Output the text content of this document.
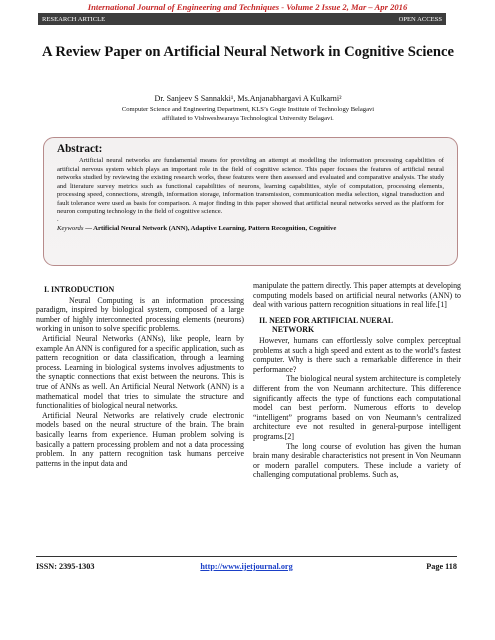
International Journal of Engineering and Techniques - Volume 2 Issue 2, Mar – Apr 2016
RESEARCH ARTICLE	OPEN ACCESS
A Review Paper on Artificial Neural Network in Cognitive Science
Dr. Sanjeev S Sannakki¹, Ms.Anjanabhargavi A Kulkarni²
Computer Science and Engineering Department, KLS’s Gogte Institute of Technology Belagavi
affiliated to Vishweshwaraya Technological University Belagavi.
Abstract:
Artificial neural networks are fundamental means for providing an attempt at modelling the information processing capabilities of artificial nervous system which plays an important role in the field of cognitive science. This paper focuses the features of artificial neural networks studied by reviewing the existing research works, these features were then assessed and evaluated and comparative analysis. The study and literature survey metrics such as functional capabilities of neurons, learning capabilities, style of computation, processing elements, processing speed, connections, strength, information storage, information transmission, communication media selection, signal transduction and fault tolerance were used as basis for comparison. A major finding in this paper showed that artificial neural networks served as the platform for neuron computing technology in the field of cognitive science.
.
Keywords — Artificial Neural Network (ANN), Adaptive Learning, Pattern Recognition, Cognitive
I. INTRODUCTION

Neural Computing is an information processing paradigm, inspired by biological system, composed of a large number of highly interconnected processing elements (neurons) working in unison to solve specific problems.

Artificial Neural Networks (ANNs), like people, learn by example An ANN is configured for a specific application, such as pattern recognition or data classification, through a learning process. Learning in biological systems involves adjustments to the synaptic connections that exist between the neurons. This is true of ANNs as well. An Artificial Neural Network (ANN) is a mathematical model that tries to simulate the structure and functionalities of biological neural networks.

Artificial Neural Networks are relatively crude electronic models based on the neural structure of the brain. The brain basically learns from experience. Human problem solving is basically a pattern processing problem and not a data processing problem. In any pattern recognition task humans perceive patterns in the input data and

manipulate the pattern directly. This paper attempts at developing computing models based on artificial neural networks (ANN) to deal with various pattern recognition situations in real life.[1]

II. NEED FOR ARTIFICIAL NUERAL
NETWORK

However, humans can effortlessly solve complex perceptual problems at such a high speed and extent as to the world’s fastest computer. Why is there such a remarkable difference in their performance?

The biological neural system architecture is completely different from the von Neumann architecture. This difference significantly affects the type of functions each computational model can best perform. Numerous efforts to develop “intelligent” programs based on von Neumann’s centralized architecture eve not resulted in general-purpose intelligent programs.[2]

The long course of evolution has given the human brain many desirable characteristics not present in Von Neumann or modern parallel computers. These include a variety of challenging computational problems. Such as,

ISSN: 2395-1303	http://www.ijetjournal.org	Page 118
